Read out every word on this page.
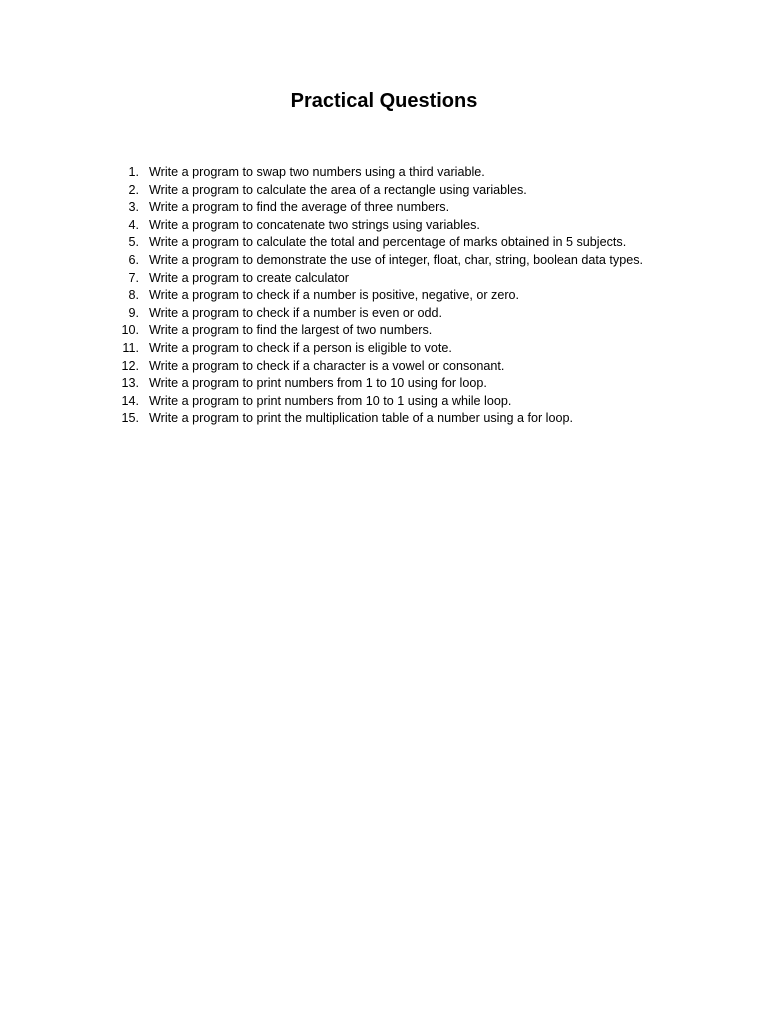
Practical Questions
1. Write a program to swap two numbers using a third variable.
2. Write a program to calculate the area of a rectangle using variables.
3. Write a program to find the average of three numbers.
4. Write a program to concatenate two strings using variables.
5. Write a program to calculate the total and percentage of marks obtained in 5 subjects.
6. Write a program to demonstrate the use of integer, float, char, string, boolean data types.
7. Write a program to create calculator
8. Write a program to check if a number is positive, negative, or zero.
9. Write a program to check if a number is even or odd.
10. Write a program to find the largest of two numbers.
11. Write a program to check if a person is eligible to vote.
12. Write a program to check if a character is a vowel or consonant.
13. Write a program to print numbers from 1 to 10 using for loop.
14. Write a program to print numbers from 10 to 1 using a while loop.
15. Write a program to print the multiplication table of a number using a for loop.
